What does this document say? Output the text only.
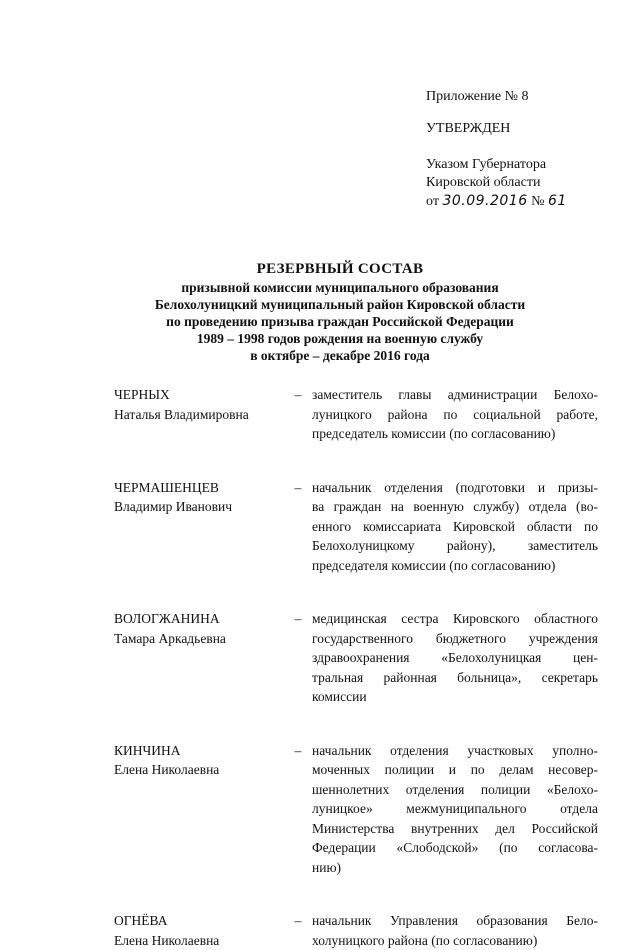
Приложение № 8
УТВЕРЖДЕН
Указом Губернатора
Кировской области
от 30.09.2016 № 61
РЕЗЕРВНЫЙ СОСТАВ
призывной комиссии муниципального образования
Белохолуницкий муниципальный район Кировской области
по проведению призыва граждан Российской Федерации
1989 – 1998 годов рождения на военную службу
в октябре – декабре 2016 года
ЧЕРНЫХ
Наталья Владимировна
– заместитель главы администрации Белохо-
луницкого района по социальной работе,
председатель комиссии (по согласованию)
ЧЕРМАШЕНЦЕВ
Владимир Иванович
– начальник отделения (подготовки и призы-
ва граждан на военную службу) отдела (во-
енного комиссариата Кировской области по
Белохолуницкому району), заместитель
председателя комиссии (по согласованию)
ВОЛОГЖАНИНА
Тамара Аркадьевна
– медицинская сестра Кировского областного
государственного бюджетного учреждения
здравоохранения «Белохолуницкая цен-
тральная районная больница», секретарь
комиссии
КИНЧИНА
Елена Николаевна
– начальник отделения участковых уполно-
моченных полиции и по делам несовер-
шеннолетних отделения полиции «Белохо-
луницкое» межмуниципального отдела
Министерства внутренних дел Российской
Федерации «Слободской» (по согласова-
нию)
ОГНЁВА
Елена Николаевна
– начальник Управления образования Бело-
холуницкого района (по согласованию)
